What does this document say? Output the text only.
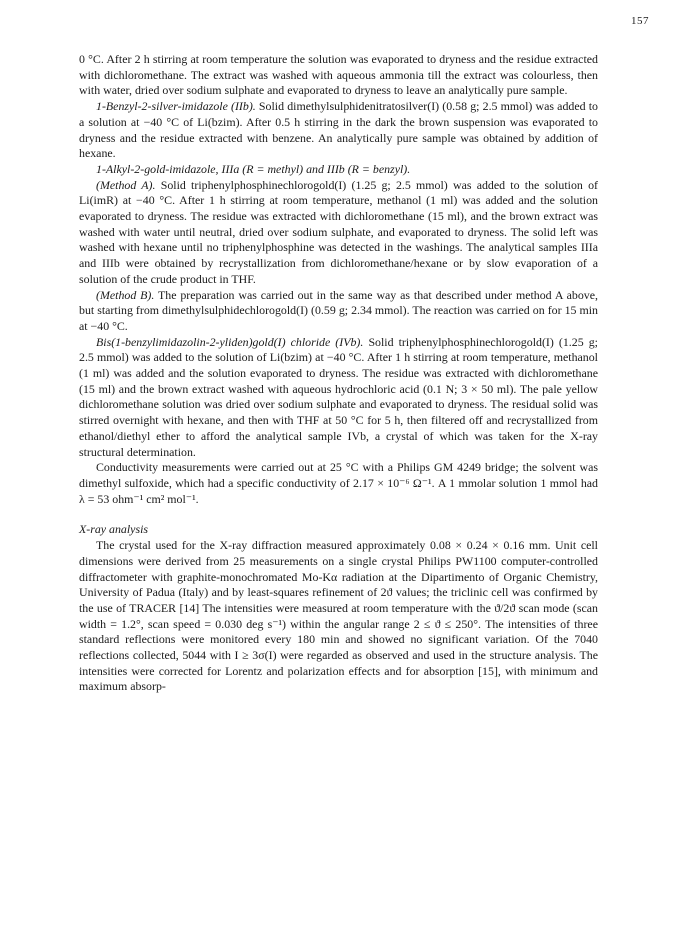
157

0 °C. After 2 h stirring at room temperature the solution was evaporated to dryness and the residue extracted with dichloromethane. The extract was washed with aqueous ammonia till the extract was colourless, then with water, dried over sodium sulphate and evaporated to dryness to leave an analytically pure sample.

1-Benzyl-2-silver-imidazole (IIb). Solid dimethylsulphidenitratosilver(I) (0.58 g; 2.5 mmol) was added to a solution at −40 °C of Li(bzim). After 0.5 h stirring in the dark the brown suspension was evaporated to dryness and the residue extracted with benzene. An analytically pure sample was obtained by addition of hexane.

1-Alkyl-2-gold-imidazole, IIIa (R = methyl) and IIIb (R = benzyl).

(Method A). Solid triphenylphosphinechlorogold(I) (1.25 g; 2.5 mmol) was added to the solution of Li(imR) at −40 °C. After 1 h stirring at room temperature, methanol (1 ml) was added and the solution evaporated to dryness. The residue was extracted with dichloromethane (15 ml), and the brown extract was washed with water until neutral, dried over sodium sulphate, and evaporated to dryness. The solid left was washed with hexane until no triphenylphosphine was detected in the washings. The analytical samples IIIa and IIIb were obtained by recrystallization from dichloromethane/hexane or by slow evaporation of a solution of the crude product in THF.

(Method B). The preparation was carried out in the same way as that described under method A above, but starting from dimethylsulphidechlorogold(I) (0.59 g; 2.34 mmol). The reaction was carried on for 15 min at −40 °C.

Bis(1-benzylimidazolin-2-yliden)gold(I) chloride (IVb). Solid triphenylphosphinechlorogold(I) (1.25 g; 2.5 mmol) was added to the solution of Li(bzim) at −40 °C. After 1 h stirring at room temperature, methanol (1 ml) was added and the solution evaporated to dryness. The residue was extracted with dichloromethane (15 ml) and the brown extract washed with aqueous hydrochloric acid (0.1 N; 3 × 50 ml). The pale yellow dichloromethane solution was dried over sodium sulphate and evaporated to dryness. The residual solid was stirred overnight with hexane, and then with THF at 50 °C for 5 h, then filtered off and recrystallized from ethanol/diethyl ether to afford the analytical sample IVb, a crystal of which was taken for the X-ray structural determination.

Conductivity measurements were carried out at 25 °C with a Philips GM 4249 bridge; the solvent was dimethyl sulfoxide, which had a specific conductivity of 2.17 × 10⁻⁶ Ω⁻¹. A 1 mmolar solution 1 mmol had λ = 53 ohm⁻¹ cm² mol⁻¹.

X-ray analysis

The crystal used for the X-ray diffraction measured approximately 0.08 × 0.24 × 0.16 mm. Unit cell dimensions were derived from 25 measurements on a single crystal Philips PW1100 computer-controlled diffractometer with graphite-monochromated Mo-Kα radiation at the Dipartimento of Organic Chemistry, University of Padua (Italy) and by least-squares refinement of 2ϑ values; the triclinic cell was confirmed by the use of TRACER [14] The intensities were measured at room temperature with the ϑ/2ϑ scan mode (scan width = 1.2°, scan speed = 0.030 deg s⁻¹) within the angular range 2 ≤ ϑ ≤ 250°. The intensities of three standard reflections were monitored every 180 min and showed no significant variation. Of the 7040 reflections collected, 5044 with I ≥ 3σ(I) were regarded as observed and used in the structure analysis. The intensities were corrected for Lorentz and polarization effects and for absorption [15], with minimum and maximum absorp-
